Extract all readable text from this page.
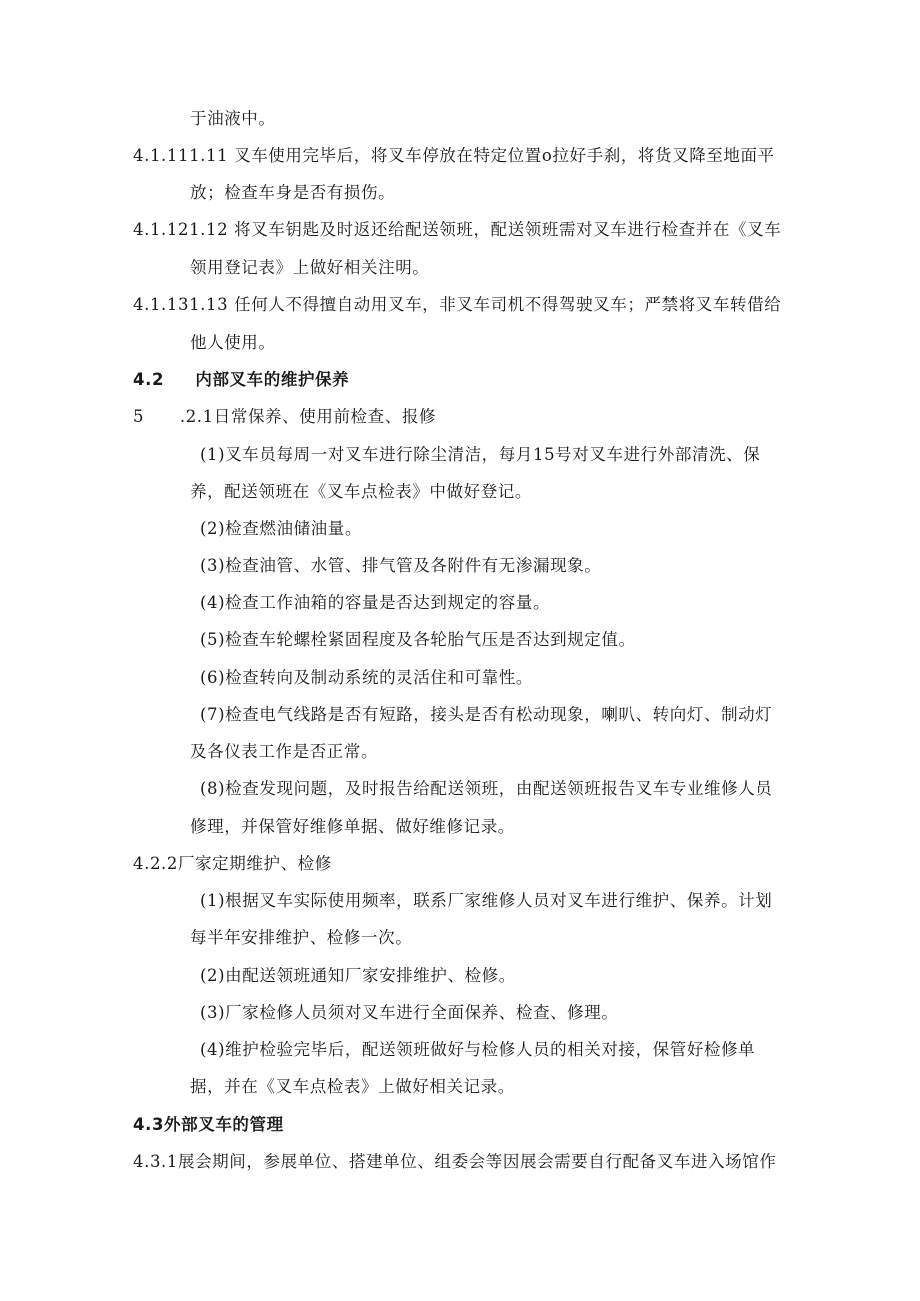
于油液中。
4.1.111.11 叉车使用完毕后，将叉车停放在特定位置o拉好手刹，将货叉降至地面平
放；检查车身是否有损伤。
4.1.121.12 将叉车钥匙及时返还给配送领班，配送领班需对叉车进行检查并在《叉车
领用登记表》上做好相关注明。
4.1.131.13 任何人不得擅自动用叉车，非叉车司机不得驾驶叉车；严禁将叉车转借给
他人使用。
4.2 内部叉车的维护保养
5 .2.1日常保养、使用前检查、报修
(1)叉车员每周一对叉车进行除尘清洁，每月15号对叉车进行外部清洗、保
养，配送领班在《叉车点检表》中做好登记。
(2)检查燃油储油量。
(3)检查油管、水管、排气管及各附件有无渗漏现象。
(4)检查工作油箱的容量是否达到规定的容量。
(5)检查车轮螺栓紧固程度及各轮胎气压是否达到规定值。
(6)检查转向及制动系统的灵活住和可靠性。
(7)检查电气线路是否有短路，接头是否有松动现象，喇叭、转向灯、制动灯
及各仪表工作是否正常。
(8)检查发现问题，及时报告给配送领班，由配送领班报告叉车专业维修人员
修理，并保管好维修单据、做好维修记录。
4.2.2厂家定期维护、检修
(1)根据叉车实际使用频率，联系厂家维修人员对叉车进行维护、保养。计划
每半年安排维护、检修一次。
(2)由配送领班通知厂家安排维护、检修。
(3)厂家检修人员须对叉车进行全面保养、检查、修理。
(4)维护检验完毕后，配送领班做好与检修人员的相关对接，保管好检修单
据，并在《叉车点检表》上做好相关记录。
4.3外部叉车的管理
4.3.1展会期间，参展单位、搭建单位、组委会等因展会需要自行配备叉车进入场馆作
